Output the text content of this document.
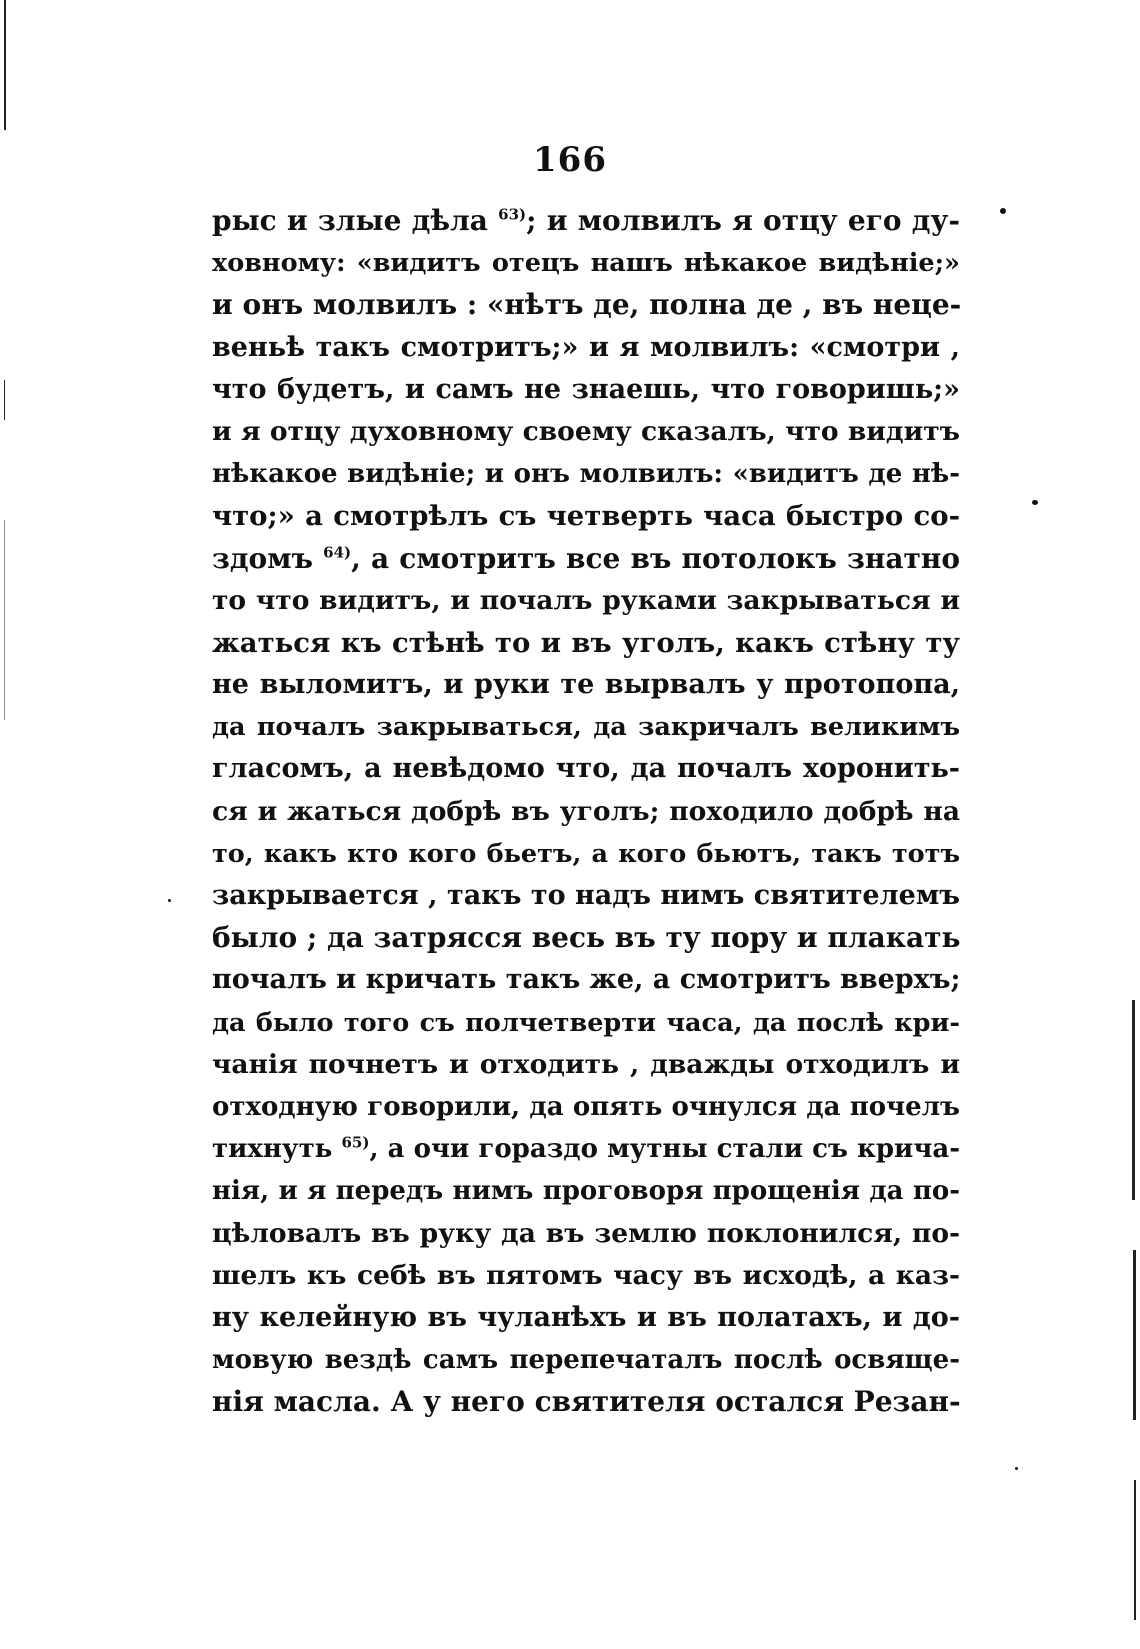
166
рыс и злые дѣла $^{63)}$; и молвилъ я отцу его ду-
ховному: «видитъ отецъ нашъ нѣкакое видѣніе;»
и онъ молвилъ : «нѣтъ де, полна де , въ неце-
веньѣ такъ смотритъ;» и я молвилъ: «смотри ,
что будетъ, и самъ не знаешь, что говоришь;»
и я отцу духовному своему сказалъ, что видитъ
нѣкакое видѣніе; и онъ молвилъ: «видитъ де нѣ-
что;» а смотрѣлъ съ четверть часа быстро со-
здомъ $^{64)}$, а смотритъ все въ потолокъ знатно
то что видитъ, и почалъ руками закрываться и
жаться къ стѣнѣ то и въ уголъ, какъ стѣну ту
не выломитъ, и руки те вырвалъ у протопопа,
да почалъ закрываться, да закричалъ великимъ
гласомъ, а невѣдомо что, да почалъ хоронить-
ся и жаться добрѣ въ уголъ; походило добрѣ на
то, какъ кто кого бьетъ, а кого бьютъ, такъ тотъ
закрывается , такъ то надъ нимъ святителемъ
было ; да затрясся весь въ ту пору и плакать
почалъ и кричать такъ же, а смотритъ вверхъ;
да было того съ полчетверти часа, да послѣ кри-
чанія почнетъ и отходить , дважды отходилъ и
отходную говорили, да опять очнулся да почелъ
тихнуть $^{65)}$, а очи гораздо мутны стали съ крича-
нія, и я передъ нимъ проговоря прощенія да по-
цѣловалъ въ руку да въ землю поклонился, по-
шелъ къ себѣ въ пятомъ часу въ исходѣ, а каз-
ну келейную въ чуланѣхъ и въ полатахъ, и до-
мовую вездѣ самъ перепечаталъ послѣ освяще-
нія масла. А у него святителя остался Резан-
